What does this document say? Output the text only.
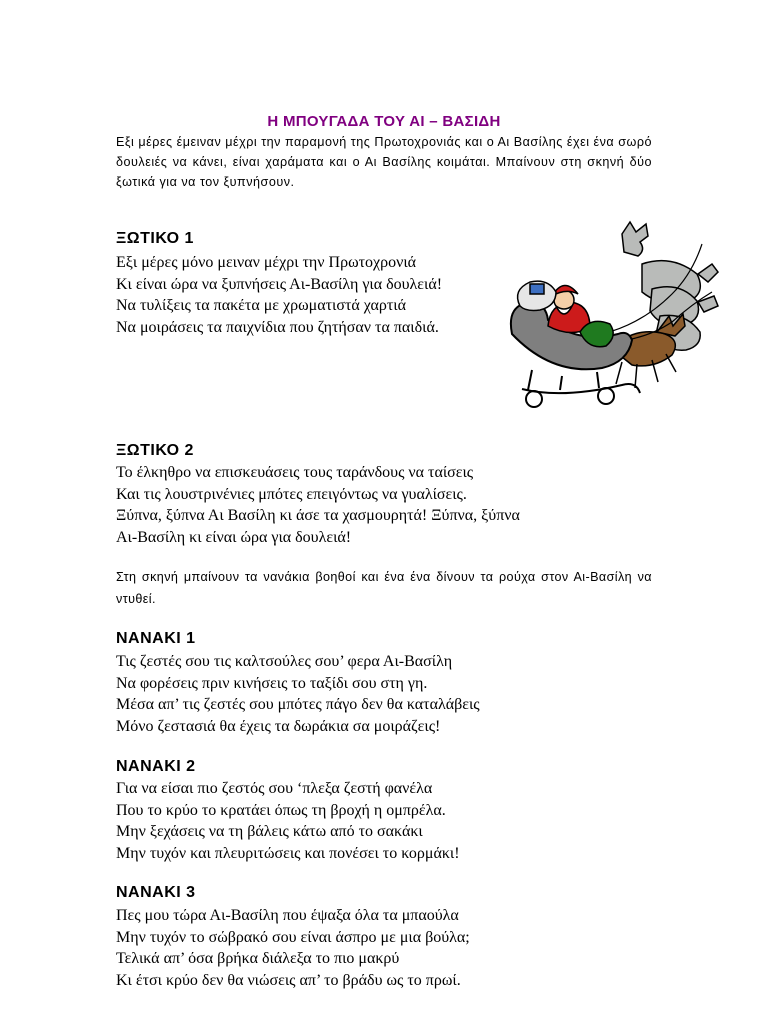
Η ΜΠΟΥΓΑΔΑ ΤΟΥ ΑΙ – ΒΑΣΙΔΗ
Εξι μέρες έμειναν μέχρι την παραμονή της Πρωτοχρονιάς και ο Αι Βασίλης έχει ένα σωρό δουλειές να κάνει, είναι χαράματα και ο Αι Βασίλης κοιμάται. Μπαίνουν στη σκηνή δύο ξωτικά για να τον ξυπνήσουν.
ΞΩΤΙΚΟ 1
Εξι μέρες μόνο μειναν μέχρι την Πρωτοχρονιά
Κι είναι ώρα να ξυπνήσεις Αι-Βασίλη για δουλειά!
Να τυλίξεις τα πακέτα με χρωματιστά χαρτιά
Να μοιράσεις τα παιχνίδια που ζητήσαν τα παιδιά.
ΞΩΤΙΚΟ 2
Το έλκηθρο να επισκευάσεις τους ταράνδους να ταίσεις
Και τις λουστρινένιες μπότες επειγόντως να γυαλίσεις.
Ξύπνα, ξύπνα Αι Βασίλη κι άσε τα χασμουρητά! Ξύπνα, ξύπνα
Αι-Βασίλη κι είναι ώρα για δουλειά!
Στη σκηνή μπαίνουν τα νανάκια βοηθοί και ένα ένα δίνουν τα ρούχα στον Αι-Βασίλη να ντυθεί.
ΝΑΝΑΚΙ 1
Τις ζεστές σου τις καλτσούλες σου’ φερα Αι-Βασίλη
Να φορέσεις πριν κινήσεις το ταξίδι σου στη γη.
Μέσα απ’ τις ζεστές σου μπότες πάγο δεν θα καταλάβεις
Μόνο ζεστασιά θα έχεις τα δωράκια σα μοιράζεις!
ΝΑΝΑΚΙ 2
Για να είσαι πιο ζεστός σου ‘πλεξα ζεστή φανέλα
Που το κρύο το κρατάει όπως τη βροχή η ομπρέλα.
Μην ξεχάσεις να τη βάλεις κάτω από το σακάκι
Μην τυχόν και πλευριτώσεις και πονέσει το κορμάκι!
ΝΑΝΑΚΙ 3
Πες μου τώρα Αι-Βασίλη που έψαξα όλα τα μπαούλα
Μην τυχόν το σώβρακό σου είναι άσπρο με μια βούλα;
Τελικά απ’ όσα βρήκα διάλεξα το πιο μακρύ
Κι έτσι κρύο δεν θα νιώσεις απ’ το βράδυ ως το πρωί.
